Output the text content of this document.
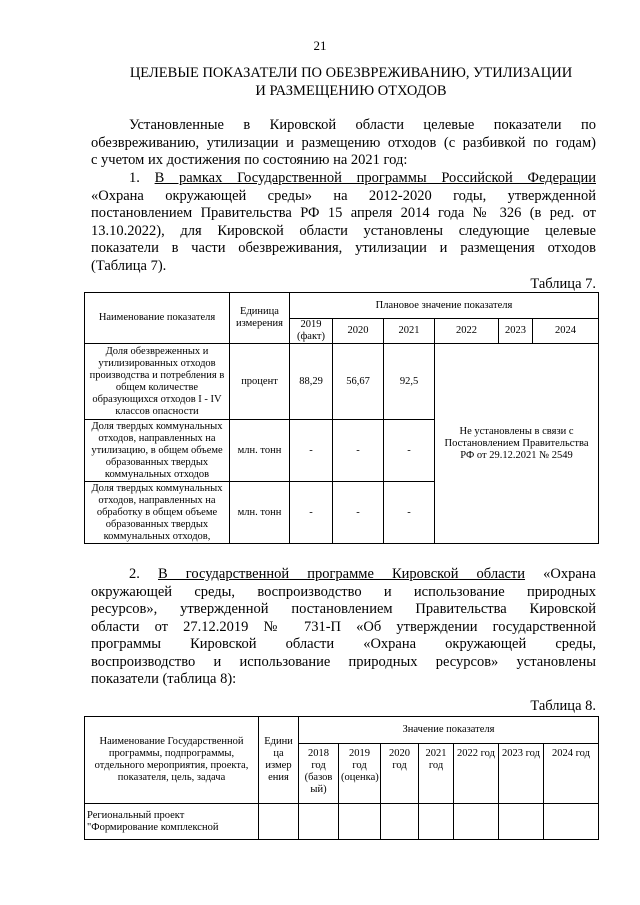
21
ЦЕЛЕВЫЕ ПОКАЗАТЕЛИ ПО ОБЕЗВРЕЖИВАНИЮ, УТИЛИЗАЦИИ
И РАЗМЕЩЕНИЮ ОТХОДОВ
Установленные в Кировской области целевые показатели по
обезвреживанию, утилизации и размещению отходов (с разбивкой по годам)
с учетом их достижения по состоянию на 2021 год:
1. В рамках Государственной программы Российской Федерации
«Охрана окружающей среды» на 2012-2020 годы, утвержденной
постановлением Правительства РФ 15 апреля 2014 года № 326 (в ред. от
13.10.2022), для Кировской области установлены следующие целевые
показатели в части обезвреживания, утилизации и размещения отходов
(Таблица 7).
Таблица 7.
Наименование показателя	Единица измерения	Плановое значение показателя					
		2019 (факт)	2020	2021	2022	2023	2024
Доля обезвреженных и утилизированных отходов производства и потребления в общем количестве образующихся отходов I - IV классов опасности	процент	88,29	56,67	92,5	Не установлены в связи с Постановлением Правительства РФ от 29.12.2021 № 2549		
Доля твердых коммунальных отходов, направленных на утилизацию, в общем объеме образованных твердых коммунальных отходов	млн. тонн	-	-	-			
Доля твердых коммунальных отходов, направленных на обработку в общем объеме образованных твердых коммунальных отходов,	млн. тонн	-	-	-			
2. В государственной программе Кировской области «Охрана
окружающей среды, воспроизводство и использование природных
ресурсов», утвержденной постановлением Правительства Кировской
области от 27.12.2019 № 731-П «Об утверждении государственной
программы Кировской области «Охрана окружающей среды,
воспроизводство и использование природных ресурсов» установлены
показатели (таблица 8):
Таблица 8.
Наименование Государственной программы, подпрограммы, отдельного мероприятия, проекта, показателя, цель, задача	Едини ца измер ения	Значение показателя						
		2018 год (базов ый)	2019 год (оценка)	2020 год	2021 год	2022 год	2023 год	2024 год
Региональный проект "Формирование комплексной								
